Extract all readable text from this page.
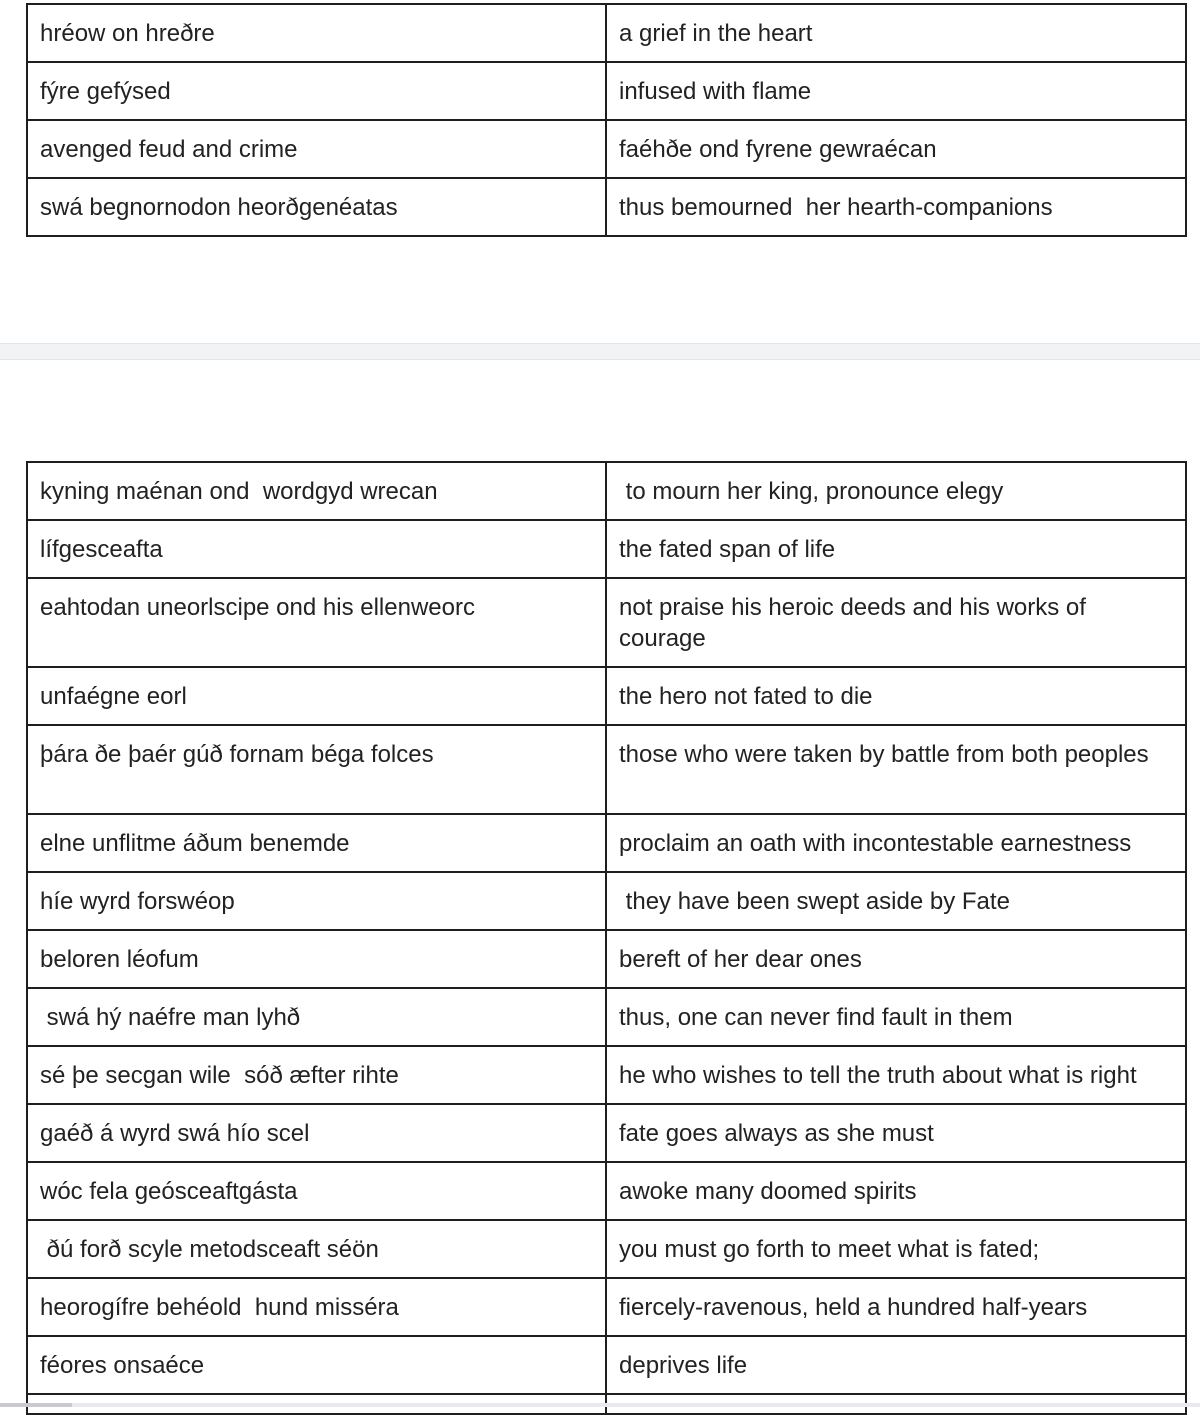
hréow on hreðre	a grief in the heart
fýre gefýsed	infused with flame
avenged feud and crime	faéhðe ond fyrene gewraécan
swá begnornodon heorðgenéatas	thus bemourned  her hearth-companions
kyning maénan ond  wordgyd wrecan	to mourn her king, pronounce elegy
lífgesceafta	the fated span of life
eahtodan uneorlscipe ond his ellenweorc	not praise his heroic deeds and his works of courage
unfaégne eorl	the hero not fated to die
þára ðe þaér gúð fornam béga folces	those who were taken by battle from both peoples
elne unflitme áðum benemde	proclaim an oath with incontestable earnestness
híe wyrd forswéop	they have been swept aside by Fate
beloren léofum	bereft of her dear ones
swá hý naéfre man lyhð	thus, one can never find fault in them
sé þe secgan wile  sóð æfter rihte	he who wishes to tell the truth about what is right
gaéð á wyrd swá hío scel	fate goes always as she must
wóc fela geósceaftgásta	awoke many doomed spirits
ðú forð scyle metodsceaft séön	you must go forth to meet what is fated;
heorogífre behéold  hund misséra	fiercely-ravenous, held a hundred half-years
féores onsaéce	deprives life
